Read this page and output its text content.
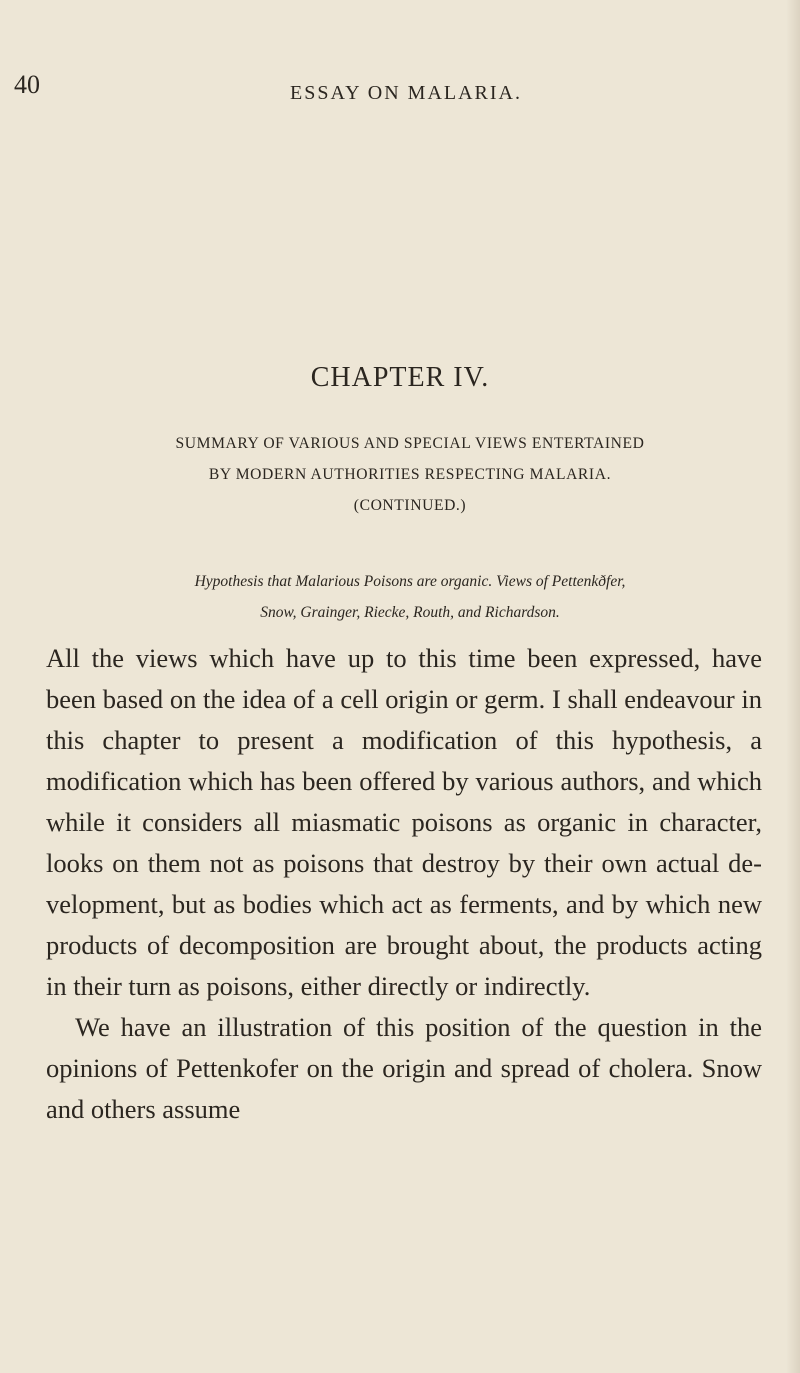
40	ESSAY ON MALARIA.
CHAPTER IV.
SUMMARY OF VARIOUS AND SPECIAL VIEWS ENTERTAINED
BY MODERN AUTHORITIES RESPECTING MALARIA.
(CONTINUED.)
Hypothesis that Malarious Poisons are organic. Views of Pettenkðfer,
Snow, Grainger, Riecke, Routh, and Richardson.

All the views which have up to this time been expressed, have been based on the idea of a cell origin or germ. I shall endeavour in this chapter to present a modification of this hypothesis, a modification which has been offered by various authors, and which while it considers all miasmatic poisons as organic in character, looks on them not as poisons that destroy by their own actual de- velopment, but as bodies which act as ferments, and by which new products of decomposition are brought about, the products acting in their turn as poisons, either directly or indirectly.

We have an illustration of this position of the question in the opinions of Pettenkofer on the origin and spread of cholera. Snow and others assume
